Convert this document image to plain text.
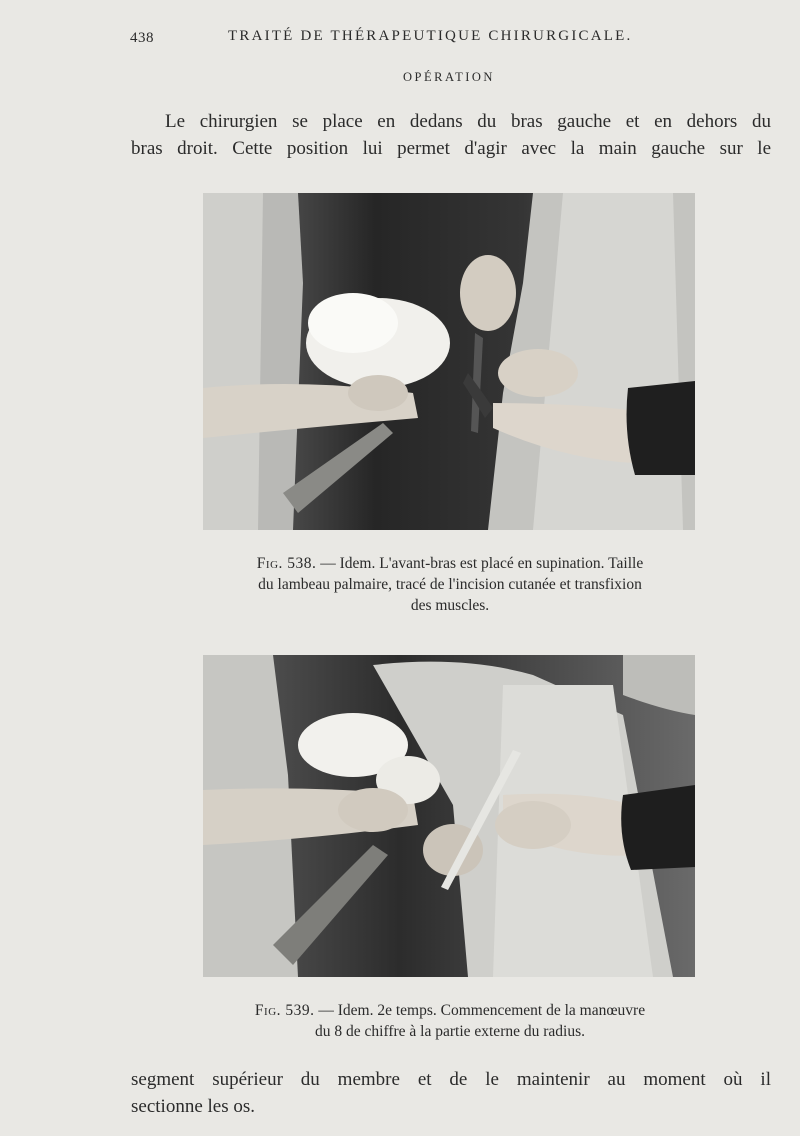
438	TRAITÉ DE THÉRAPEUTIQUE CHIRURGICALE.
OPÉRATION
Le chirurgien se place en dedans du bras gauche et en dehors du
bras droit. Cette position lui permet d'agir avec la main gauche sur le
Fig. 538. — Idem. L'avant-bras est placé en supination. Taille
du lambeau palmaire, tracé de l'incision cutanée et transfixion
des muscles.
Fig. 539. — Idem. 2e temps. Commencement de la manœuvre
du 8 de chiffre à la partie externe du radius.
segment supérieur du membre et de le maintenir au moment où il
sectionne les os.
